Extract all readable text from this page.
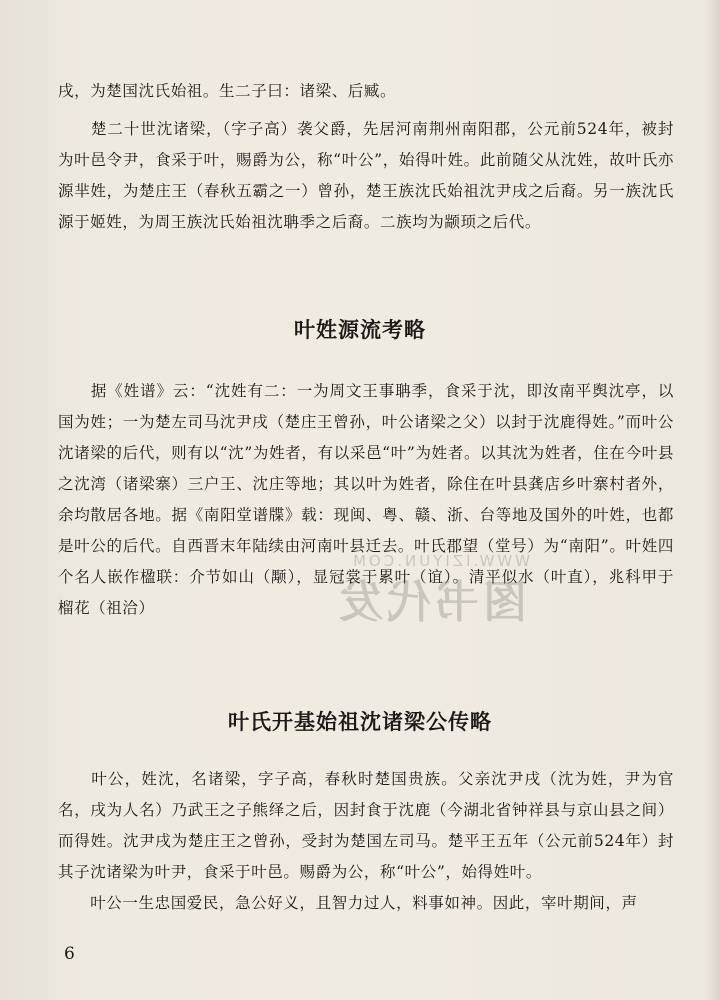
戌，为楚国沈氏始祖。生二子曰：诸梁、后臧。

　　楚二十世沈诸梁，（字子高）袭父爵，先居河南荆州南阳郡，公元前524年，被封为叶邑令尹，食采于叶，赐爵为公，称“叶公”，始得叶姓。此前随父从沈姓，故叶氏亦源芈姓，为楚庄王（春秋五霸之一）曾孙，楚王族沈氏始祖沈尹戌之后裔。另一族沈氏源于姬姓，为周王族沈氏始祖沈聃季之后裔。二族均为颛顼之后代。

叶姓源流考略

　　据《姓谱》云：“沈姓有二：一为周文王事聃季，食采于沈，即汝南平舆沈亭，以国为姓；一为楚左司马沈尹戌（楚庄王曾孙，叶公诸梁之父）以封于沈鹿得姓。”而叶公沈诸梁的后代，则有以“沈”为姓者，有以采邑“叶”为姓者。以其沈为姓者，住在今叶县之沈湾（诸梁寨）三户王、沈庄等地；其以叶为姓者，除住在叶县龚店乡叶寨村者外，余均散居各地。据《南阳堂谱牒》载：现闽、粤、赣、浙、台等地及国外的叶姓，也都是叶公的后代。自西晋末年陆续由河南叶县迁去。叶氏郡望（堂号）为“南阳”。叶姓四个名人嵌作楹联：介节如山（颙），显冠裳于累叶（谊）。清平似水（叶直），兆科甲于榴花（祖洽）

WWW.IZIYUN.COM
图书代发
叶氏开基始祖沈诸梁公传略

　　叶公，姓沈，名诸梁，字子高，春秋时楚国贵族。父亲沈尹戌（沈为姓，尹为官名，戌为人名）乃武王之子熊绎之后，因封食于沈鹿（今湖北省钟祥县与京山县之间）而得姓。沈尹戌为楚庄王之曾孙，受封为楚国左司马。楚平王五年（公元前524年）封其子沈诸梁为叶尹，食采于叶邑。赐爵为公，称“叶公”，始得姓叶。

　　叶公一生忠国爱民，急公好义，且智力过人，料事如神。因此，宰叶期间，声

6
